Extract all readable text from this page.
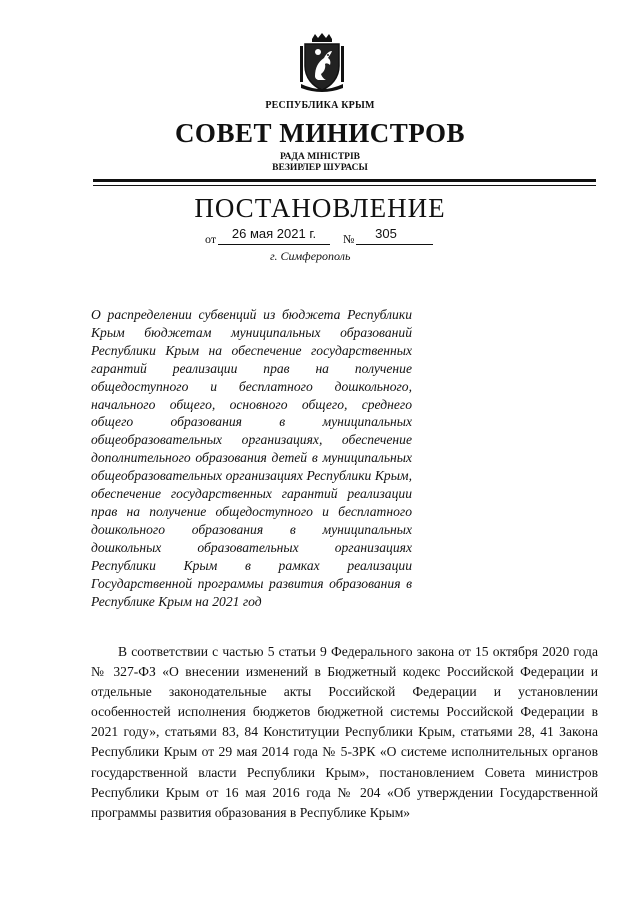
РЕСПУБЛИКА КРЫМ
СОВЕТ МИНИСТРОВ
РАДА МІНІСТРІВ
ВЕЗИРЛЕР ШУРАСЫ
ПОСТАНОВЛЕНИЕ
от	26 мая 2021 г.	№	305
г. Симферополь
О распределении субвенций из бюджета Республики Крым бюджетам муниципальных образований Республики Крым на обеспечение государственных гарантий реализации прав на получение общедоступного и бесплатного дошкольного, начального общего, основного общего, среднего общего образования в муниципальных общеобразовательных организациях, обеспечение дополнительного образования детей в муниципальных общеобразовательных организациях Республики Крым, обеспечение государственных гарантий реализации прав на получение общедоступного и бесплатного дошкольного образования в муниципальных дошкольных образовательных организациях Республики Крым в рамках реализации Государственной программы развития образования в Республике Крым на 2021 год
В соответствии с частью 5 статьи 9 Федерального закона от 15 октября 2020 года № 327-ФЗ «О внесении изменений в Бюджетный кодекс Российской Федерации и отдельные законодательные акты Российской Федерации и установлении особенностей исполнения бюджетов бюджетной системы Российской Федерации в 2021 году», статьями 83, 84 Конституции Республики Крым, статьями 28, 41 Закона Республики Крым от 29 мая 2014 года № 5-ЗРК «О системе исполнительных органов государственной власти Республики Крым», постановлением Совета министров Республики Крым от 16 мая 2016 года № 204 «Об утверждении Государственной программы развития образования в Республике Крым»
